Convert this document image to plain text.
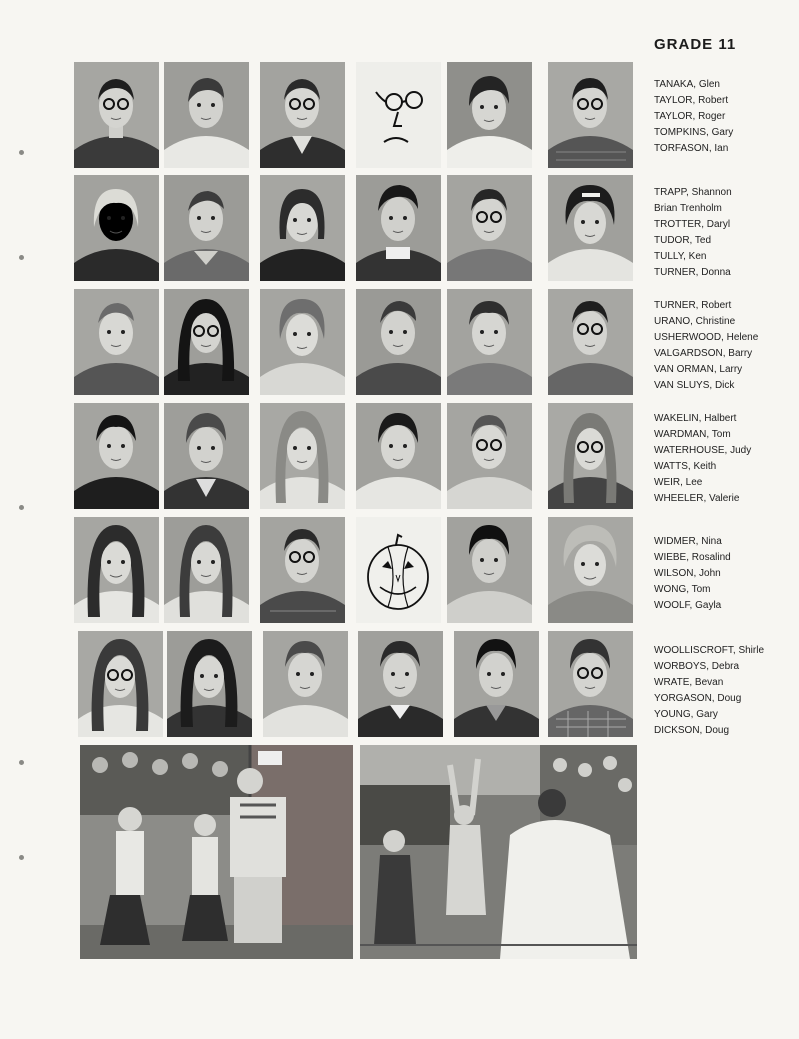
GRADE 11
TANAKA, Glen
TAYLOR, Robert
TAYLOR, Roger
TOMPKINS, Gary
TORFASON, Ian
TRAPP, Shannon
Brian Trenholm
TROTTER, Daryl
TUDOR, Ted
TULLY, Ken
TURNER, Donna
TURNER, Robert
URANO, Christine
USHERWOOD, Helene
VALGARDSON, Barry
VAN ORMAN, Larry
VAN SLUYS, Dick
WAKELIN, Halbert
WARDMAN, Tom
WATERHOUSE, Judy
WATTS, Keith
WEIR, Lee
WHEELER, Valerie
WIDMER, Nina
WIEBE, Rosalind
WILSON, John
WONG, Tom
WOOLF, Gayla
WOOLLISCROFT, Shirle
WORBOYS, Debra
WRATE, Bevan
YORGASON, Doug
YOUNG, Gary
DICKSON, Doug
